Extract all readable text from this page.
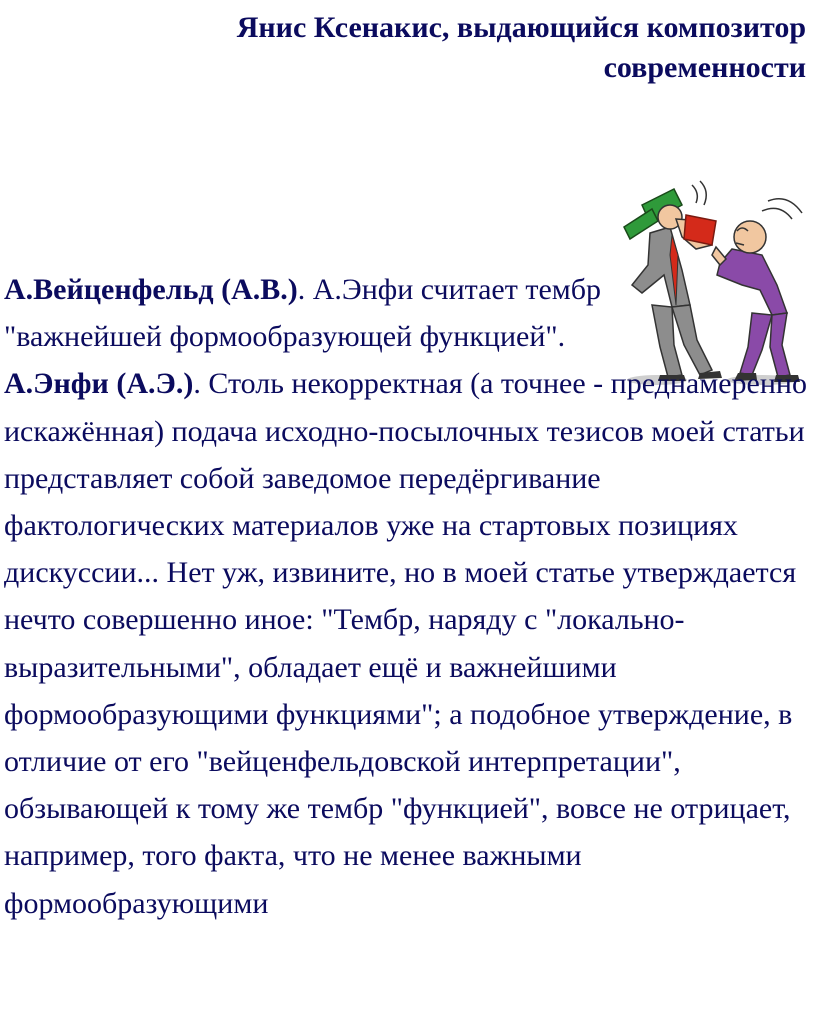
Янис Ксенакис, выдающийся композитор современности

А.Вейценфельд (А.В.). А.Энфи считает тембр "важнейшей формообразующей функцией".

А.Энфи (А.Э.). Столь некорректная (а точнее - преднамеренно искажённая) подача исходно-посылочных тезисов моей статьи представляет собой заведомое передёргивание фактологических материалов уже на стартовых позициях дискуссии... Нет уж, извините, но в моей статье утверждается нечто совершенно иное: "Тембр, наряду с "локально-выразительными", обладает ещё и важнейшими формообразующими функциями"; а подобное утверждение, в отличие от его "вейценфельдовской интерпретации", обзывающей к тому же тембр "функцией", вовсе не отрицает, например, того факта, что не менее важными формообразующими
